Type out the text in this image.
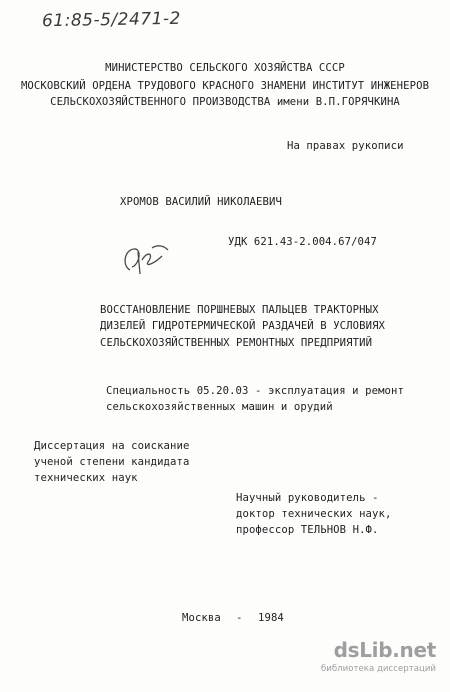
61:85-5/2471-2
МИНИСТЕРСТВО СЕЛЬСКОГО ХОЗЯЙСТВА СССР
МОСКОВСКИЙ ОРДЕНА ТРУДОВОГО КРАСНОГО ЗНАМЕНИ ИНСТИТУТ ИНЖЕНЕРОВ
СЕЛЬСКОХОЗЯЙСТВЕННОГО ПРОИЗВОДСТВА имени В.П.ГОРЯЧКИНА
На правах рукописи
ХРОМОВ ВАСИЛИЙ НИКОЛАЕВИЧ
УДК 621.43-2.004.67/047
ВОССТАНОВЛЕНИЕ ПОРШНЕВЫХ ПАЛЬЦЕВ ТРАКТОРНЫХ
ДИЗЕЛЕЙ ГИДРОТЕРМИЧЕСКОЙ РАЗДАЧЕЙ В УСЛОВИЯХ
СЕЛЬСКОХОЗЯЙСТВЕННЫХ РЕМОНТНЫХ ПРЕДПРИЯТИЙ
Специальность 05.20.03 - эксплуатация и ремонт
сельскохозяйственных машин и орудий
Диссертация на соискание
ученой степени кандидата
технических наук
Научный руководитель -
доктор технических наук,
профессор ТЕЛЬНОВ Н.Ф.
Москва - 1984
dsLib.net
библиотека диссертаций
